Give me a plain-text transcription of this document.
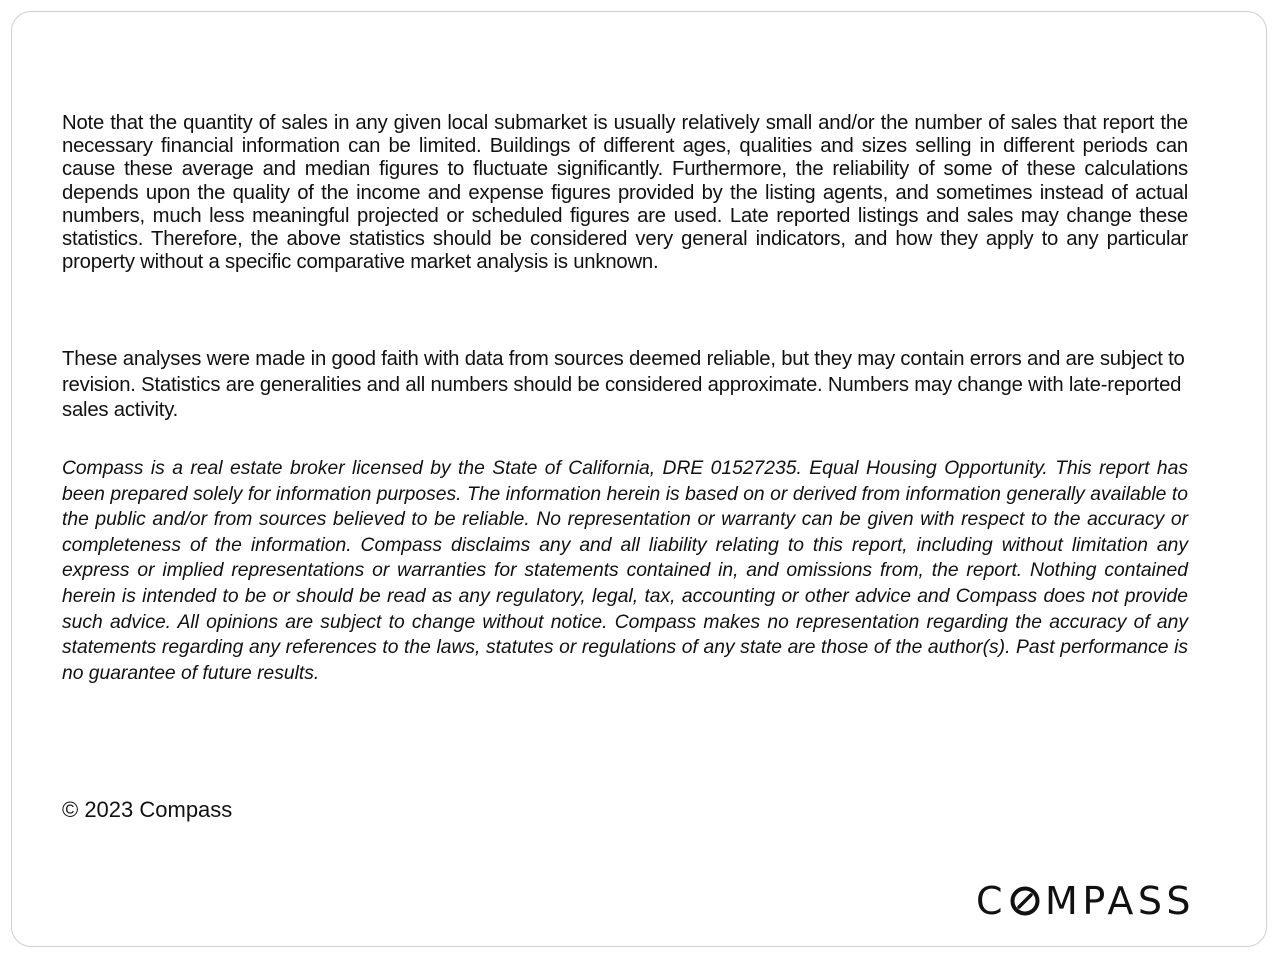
Note that the quantity of sales in any given local submarket is usually relatively small and/or the number of sales that report the necessary financial information can be limited. Buildings of different ages, qualities and sizes selling in different periods can cause these average and median figures to fluctuate significantly. Furthermore, the reliability of some of these calculations depends upon the quality of the income and expense figures provided by the listing agents, and sometimes instead of actual numbers, much less meaningful projected or scheduled figures are used. Late reported listings and sales may change these statistics. Therefore, the above statistics should be considered very general indicators, and how they apply to any particular property without a specific comparative market analysis is unknown.

These analyses were made in good faith with data from sources deemed reliable, but they may contain errors and are subject to revision. Statistics are generalities and all numbers should be considered approximate. Numbers may change with late-reported sales activity.

Compass is a real estate broker licensed by the State of California, DRE 01527235. Equal Housing Opportunity. This report has been prepared solely for information purposes. The information herein is based on or derived from information generally available to the public and/or from sources believed to be reliable. No representation or warranty can be given with respect to the accuracy or completeness of the information. Compass disclaims any and all liability relating to this report, including without limitation any express or implied representations or warranties for statements contained in, and omissions from, the report. Nothing contained herein is intended to be or should be read as any regulatory, legal, tax, accounting or other advice and Compass does not provide such advice. All opinions are subject to change without notice. Compass makes no representation regarding the accuracy of any statements regarding any references to the laws, statutes or regulations of any state are those of the author(s). Past performance is no guarantee of future results.

© 2023 Compass

C MPASS
